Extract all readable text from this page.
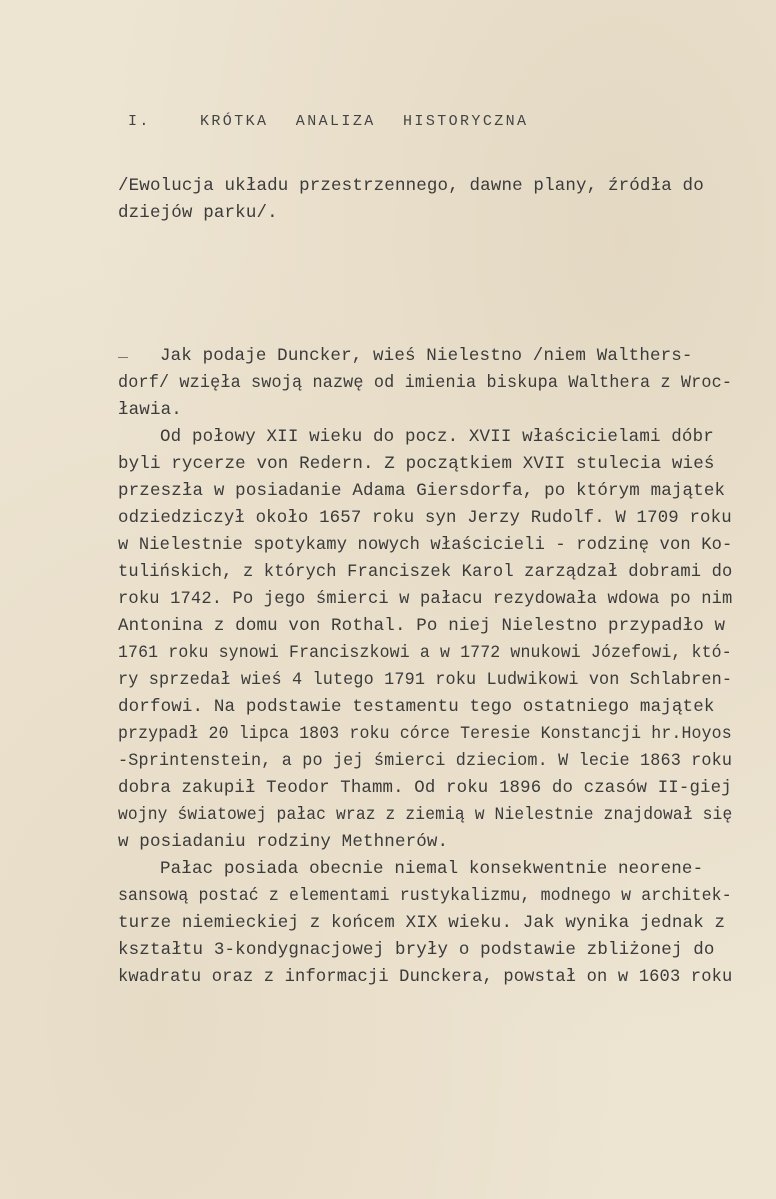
I.	KRÓTKA ANALIZA HISTORYCZNA
/Ewolucja układu przestrzennego, dawne plany, źródła do
dziejów parku/.
Jak podaje Duncker, wieś Nielestno /niem Walthers-
dorf/ wzięła swoją nazwę od imienia biskupa Walthera z Wroc-
ławia.
Od połowy XII wieku do pocz. XVII właścicielami dóbr
byli rycerze von Redern. Z początkiem XVII stulecia wieś
przeszła w posiadanie Adama Giersdorfa, po którym majątek
odziedziczył około 1657 roku syn Jerzy Rudolf. W 1709 roku
w Nielestnie spotykamy nowych właścicieli - rodzinę von Ko-
tulińskich, z których Franciszek Karol zarządzał dobrami do
roku 1742. Po jego śmierci w pałacu rezydowała wdowa po nim
Antonina z domu von Rothal. Po niej Nielestno przypadło w
1761 roku synowi Franciszkowi a w 1772 wnukowi Józefowi, któ-
ry sprzedał wieś 4 lutego 1791 roku Ludwikowi von Schlabren-
dorfowi. Na podstawie testamentu tego ostatniego majątek
przypadł 20 lipca 1803 roku córce Teresie Konstancji hr.Hoyos
-Sprintenstein, a po jej śmierci dzieciom. W lecie 1863 roku
dobra zakupił Teodor Thamm. Od roku 1896 do czasów II-giej
wojny światowej pałac wraz z ziemią w Nielestnie znajdował się
w posiadaniu rodziny Methnerów.
Pałac posiada obecnie niemal konsekwentnie neorene-
sansową postać z elementami rustykalizmu, modnego w architek-
turze niemieckiej z końcem XIX wieku. Jak wynika jednak z
kształtu 3-kondygnacjowej bryły o podstawie zbliżonej do
kwadratu oraz z informacji Dunckera, powstał on w 1603 roku
